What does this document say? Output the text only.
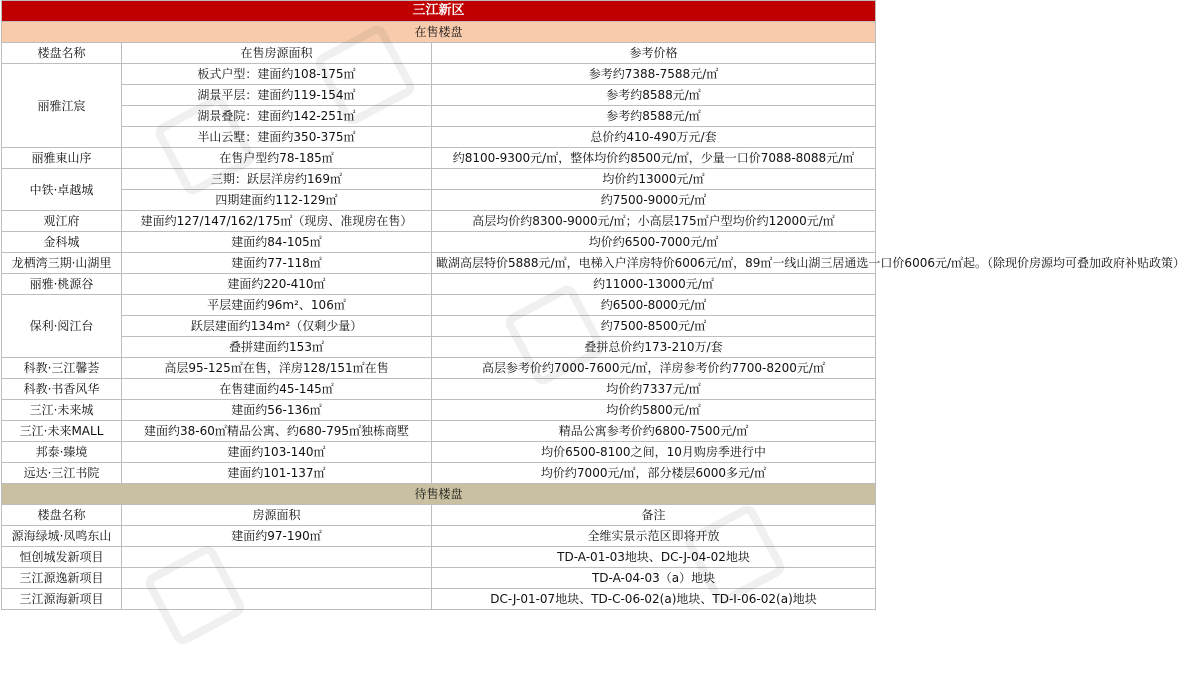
三江新区		
在售楼盘		
楼盘名称	在售房源面积	参考价格
丽雅江宸	板式户型：建面约108-175㎡	参考约7388-7588元/㎡
	湖景平层：建面约119-154㎡	参考约8588元/㎡
	湖景叠院：建面约142-251㎡	参考约8588元/㎡
	半山云墅：建面约350-375㎡	总价约410-490万元/套
丽雅東山序	在售户型约78-185㎡	约8100-9300元/㎡，整体均价约8500元/㎡，少量一口价7088-8088元/㎡
中铁·卓越城	三期：跃层洋房约169㎡	均价约13000元/㎡
	四期建面约112-129㎡	约7500-9000元/㎡
观江府	建面约127/147/162/175㎡（现房、准现房在售）	高层均价约8300-9000元/㎡；小高层175㎡户型均价约12000元/㎡
金科城	建面约84-105㎡	均价约6500-7000元/㎡
龙栖湾三期·山湖里	建面约77-118㎡	瞰湖高层特价5888元/㎡，电梯入户洋房特价6006元/㎡，89㎡一线山湖三居通选一口价6006元/㎡起。（除现价房源均可叠加政府补贴政策）
丽雅·桃源谷	建面约220-410㎡	约11000-13000元/㎡
保利·阅江台	平层建面约96m²、106㎡	约6500-8000元/㎡
	跃层建面约134m²（仅剩少量）	约7500-8500元/㎡
	叠拼建面约153㎡	叠拼总价约173-210万/套
科教·三江馨荟	高层95-125㎡在售，洋房128/151㎡在售	高层参考价约7000-7600元/㎡，洋房参考价约7700-8200元/㎡
科教·书香风华	在售建面约45-145㎡	均价约7337元/㎡
三江·未来城	建面约56-136㎡	均价约5800元/㎡
三江·未来MALL	建面约38-60㎡精品公寓、约680-795㎡独栋商墅	精品公寓参考价约6800-7500元/㎡
邦泰·臻境	建面约103-140㎡	均价6500-8100之间，10月购房季进行中
远达·三江书院	建面约101-137㎡	均价约7000元/㎡，部分楼层6000多元/㎡
待售楼盘		
楼盘名称	房源面积	备注
源海绿城·凤鸣东山	建面约97-190㎡	全维实景示范区即将开放
恒创城发新项目		TD-A-01-03地块、DC-J-04-02地块
三江源逸新项目		TD-A-04-03（a）地块
三江源海新项目		DC-J-01-07地块、TD-C-06-02(a)地块、TD-I-06-02(a)地块
